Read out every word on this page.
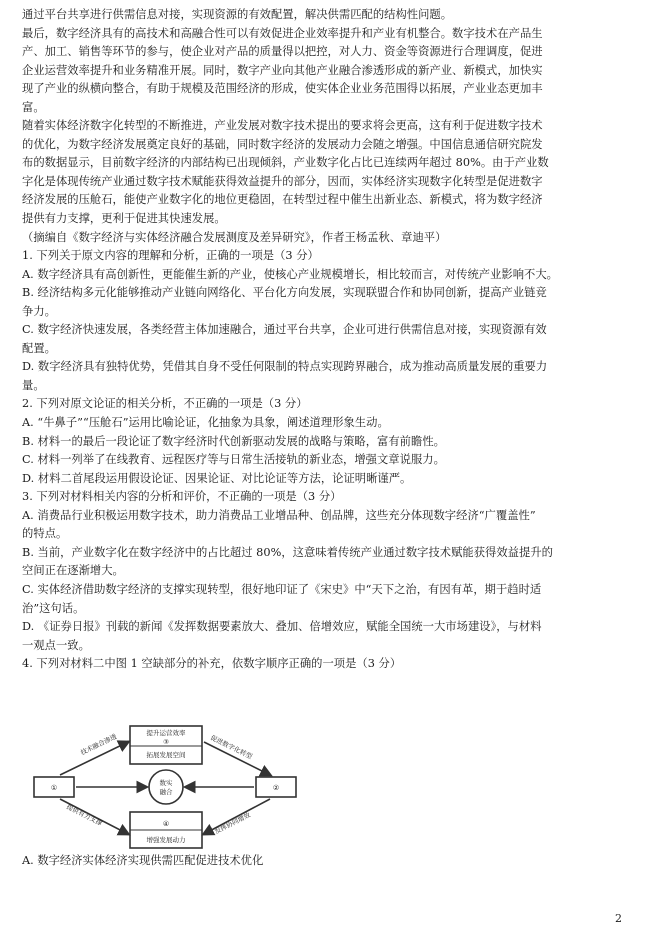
通过平台共享进行供需信息对接，实现资源的有效配置，解决供需匹配的结构性问题。
最后，数字经济具有的高技术和高融合性可以有效促进企业效率提升和产业有机整合。数字技术在产品生
产、加工、销售等环节的参与，使企业对产品的质量得以把控，对人力、资金等资源进行合理调度，促进
企业运营效率提升和业务精准开展。同时，数字产业向其他产业融合渗透形成的新产业、新模式，加快实
现了产业的纵横向整合，有助于规模及范围经济的形成，使实体企业业务范围得以拓展，产业业态更加丰
富。
随着实体经济数字化转型的不断推进，产业发展对数字技术提出的要求将会更高，这有利于促进数字技术
的优化，为数字经济发展奠定良好的基础，同时数字经济的发展动力会随之增强。中国信息通信研究院发
布的数据显示，目前数字经济的内部结构已出现倾斜，产业数字化占比已连续两年超过 80%。由于产业数
字化是体现传统产业通过数字技术赋能获得效益提升的部分，因而，实体经济实现数字化转型是促进数字
经济发展的压舱石，能使产业数字化的地位更稳固，在转型过程中催生出新业态、新模式，将为数字经济
提供有力支撑，更利于促进其快速发展。
（摘编自《数字经济与实体经济融合发展测度及差异研究》，作者王杨孟秋、章迪平）
1. 下列关于原文内容的理解和分析，正确的一项是（3 分）
A. 数字经济具有高创新性，更能催生新的产业，使核心产业规模增长，相比较而言，对传统产业影响不大。
B. 经济结构多元化能够推动产业链向网络化、平台化方向发展，实现联盟合作和协同创新，提高产业链竞
争力。
C. 数字经济快速发展，各类经营主体加速融合，通过平台共享，企业可进行供需信息对接，实现资源有效
配置。
D. 数字经济具有独特优势，凭借其自身不受任何限制的特点实现跨界融合，成为推动高质量发展的重要力
量。
2. 下列对原文论证的相关分析，不正确的一项是（3 分）
A. “牛鼻子”“压舱石”运用比喻论证，化抽象为具象，阐述道理形象生动。
B. 材料一的最后一段论证了数字经济时代创新驱动发展的战略与策略，富有前瞻性。
C. 材料一列举了在线教育、远程医疗等与日常生活接轨的新业态，增强文章说服力。
D. 材料二首尾段运用假设论证、因果论证、对比论证等方法，论证明晰谨严。
3. 下列对材料相关内容的分析和评价，不正确的一项是（3 分）
A. 消费品行业积极运用数字技术，助力消费品工业增品种、创品牌，这些充分体现数字经济“广覆盖性”
的特点。
B. 当前，产业数字化在数字经济中的占比超过 80%，这意味着传统产业通过数字技术赋能获得效益提升的
空间正在逐渐增大。
C. 实体经济借助数字经济的支撑实现转型，很好地印证了《宋史》中“天下之治，有因有革，期于趋时适
治”这句话。
D. 《证券日报》刊载的新闻《发挥数据要素放大、叠加、倍增效应，赋能全国统一大市场建设》，与材料
一观点一致。
4. 下列对材料二中图 1 空缺部分的补充，依数字顺序正确的一项是（3 分）
提升运营效率
③
拓展发展空间
①	②
数实
融合
④
增强发展动力
技术融合渗透	促进数字化转型
提供有力支撑	发挥协同增效
A. 数字经济实体经济实现供需匹配促进技术优化
2
